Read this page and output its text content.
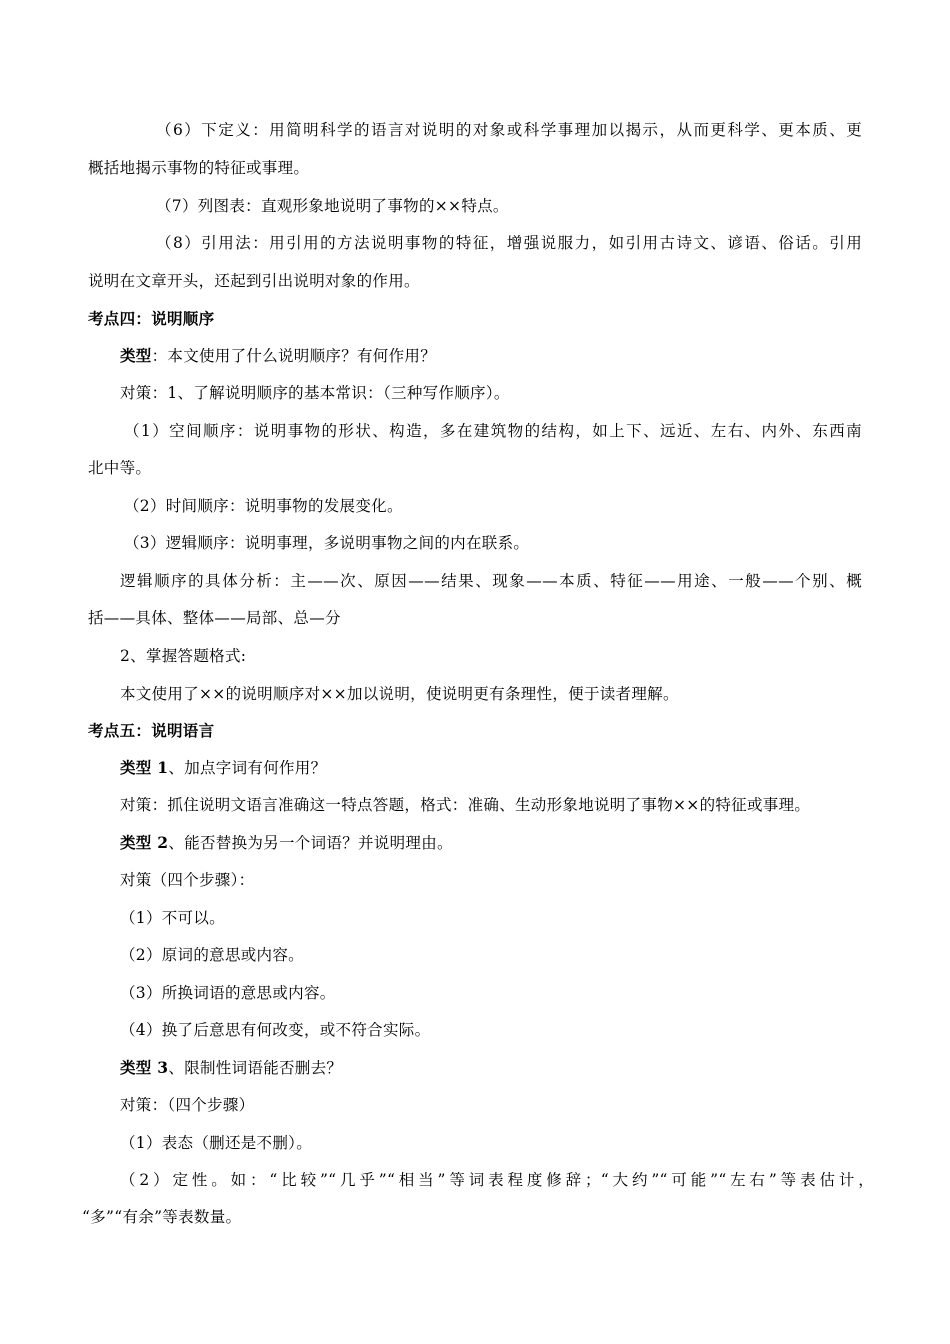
（6）下定义：用简明科学的语言对说明的对象或科学事理加以揭示，从而更科学、更本质、更
概括地揭示事物的特征或事理。
（7）列图表：直观形象地说明了事物的××特点。
（8）引用法：用引用的方法说明事物的特征，增强说服力，如引用古诗文、谚语、俗话。引用
说明在文章开头，还起到引出说明对象的作用。
考点四：说明顺序
类型：本文使用了什么说明顺序？有何作用？
对策：1、了解说明顺序的基本常识：（三种写作顺序）。
（1）空间顺序：说明事物的形状、构造，多在建筑物的结构，如上下、远近、左右、内外、东西南
北中等。
（2）时间顺序：说明事物的发展变化。
（3）逻辑顺序：说明事理，多说明事物之间的内在联系。
逻辑顺序的具体分析：主——次、原因——结果、现象——本质、特征——用途、一般——个别、概
括——具体、整体——局部、总—分
2、掌握答题格式:
本文使用了××的说明顺序对××加以说明，使说明更有条理性，便于读者理解。
考点五：说明语言
类型 1、加点字词有何作用？
对策：抓住说明文语言准确这一特点答题，格式：准确、生动形象地说明了事物××的特征或事理。
类型 2、能否替换为另一个词语？并说明理由。
对策（四个步骤）：
（1）不可以。
（2）原词的意思或内容。
（3）所换词语的意思或内容。
（4）换了后意思有何改变，或不符合实际。
类型 3、限制性词语能否删去？
对策：（四个步骤）
（1）表态（删还是不删）。
（2）定性。如：“比较”“几乎”“相当”等词表程度修辞；“大约”“可能”“左右”等表估计，
“多”“有余”等表数量。
